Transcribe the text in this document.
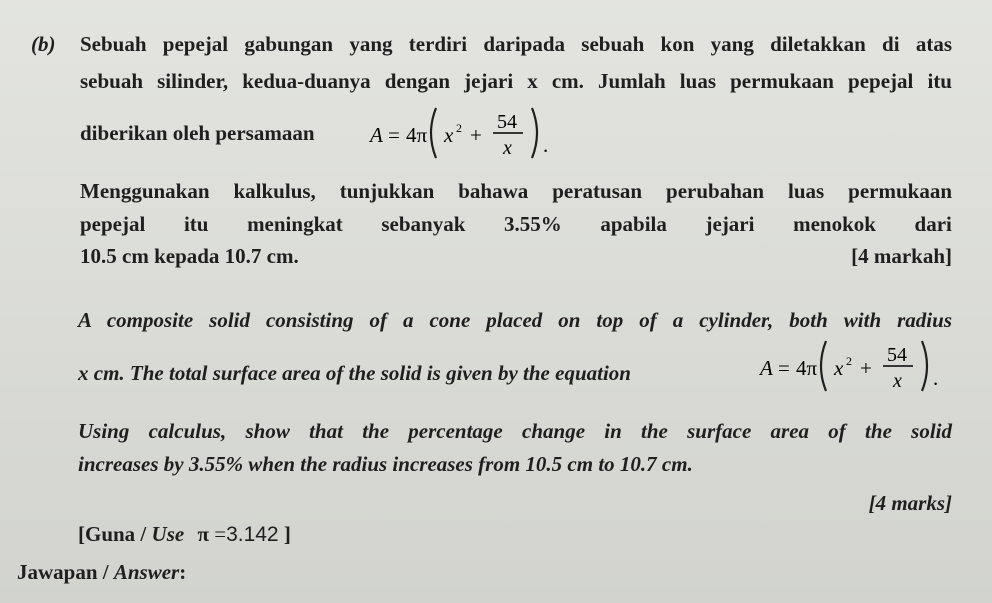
(b) Sebuah pepejal gabungan yang terdiri daripada sebuah kon yang diletakkan di atas
sebuah silinder, kedua-duanya dengan jejari x cm. Jumlah luas permukaan pepejal itu
diberikan oleh persamaan	A = 4π x 2 +
54
x .
Menggunakan kalkulus, tunjukkan bahawa peratusan perubahan luas permukaan
pepejal itu meningkat sebanyak 3.55% apabila jejari menokok dari
10.5 cm kepada 10.7 cm.	[4 markah]
A composite solid consisting of a cone placed on top of a cylinder, both with radius
x cm. The total surface area of the solid is given by the equation	A = 4π x 2 +
54
x .
Using calculus, show that the percentage change in the surface area of the solid
increases by 3.55% when the radius increases from 10.5 cm to 10.7 cm.
[4 marks]
[Guna / Use π =3.142 ]
Jawapan / Answer:
